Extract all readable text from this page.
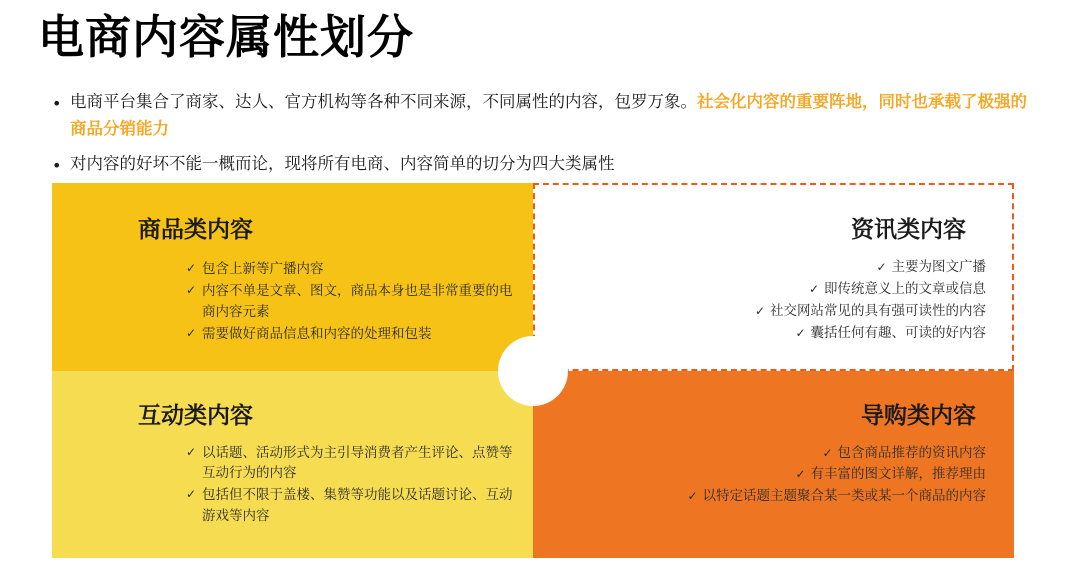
电商内容属性划分
• 电商平台集合了商家、达人、官方机构等各种不同来源，不同属性的内容，包罗万象。社会化内容的重要阵地，同时也承载了极强的商品分销能力
• 对内容的好坏不能一概而论，现将所有电商、内容简单的切分为四大类属性
商品类内容
✓ 包含上新等广播内容
✓ 内容不单是文章、图文，商品本身也是非常重要的电商内容元素
✓ 需要做好商品信息和内容的处理和包装
资讯类内容
✓ 主要为图文广播
✓ 即传统意义上的文章或信息
✓ 社交网站常见的具有强可读性的内容
✓ 囊括任何有趣、可读的好内容
互动类内容
✓ 以话题、活动形式为主引导消费者产生评论、点赞等互动行为的内容
✓ 包括但不限于盖楼、集赞等功能以及话题讨论、互动游戏等内容
导购类内容
✓ 包含商品推荐的资讯内容
✓ 有丰富的图文详解，推荐理由
✓ 以特定话题主题聚合某一类或某一个商品的内容
